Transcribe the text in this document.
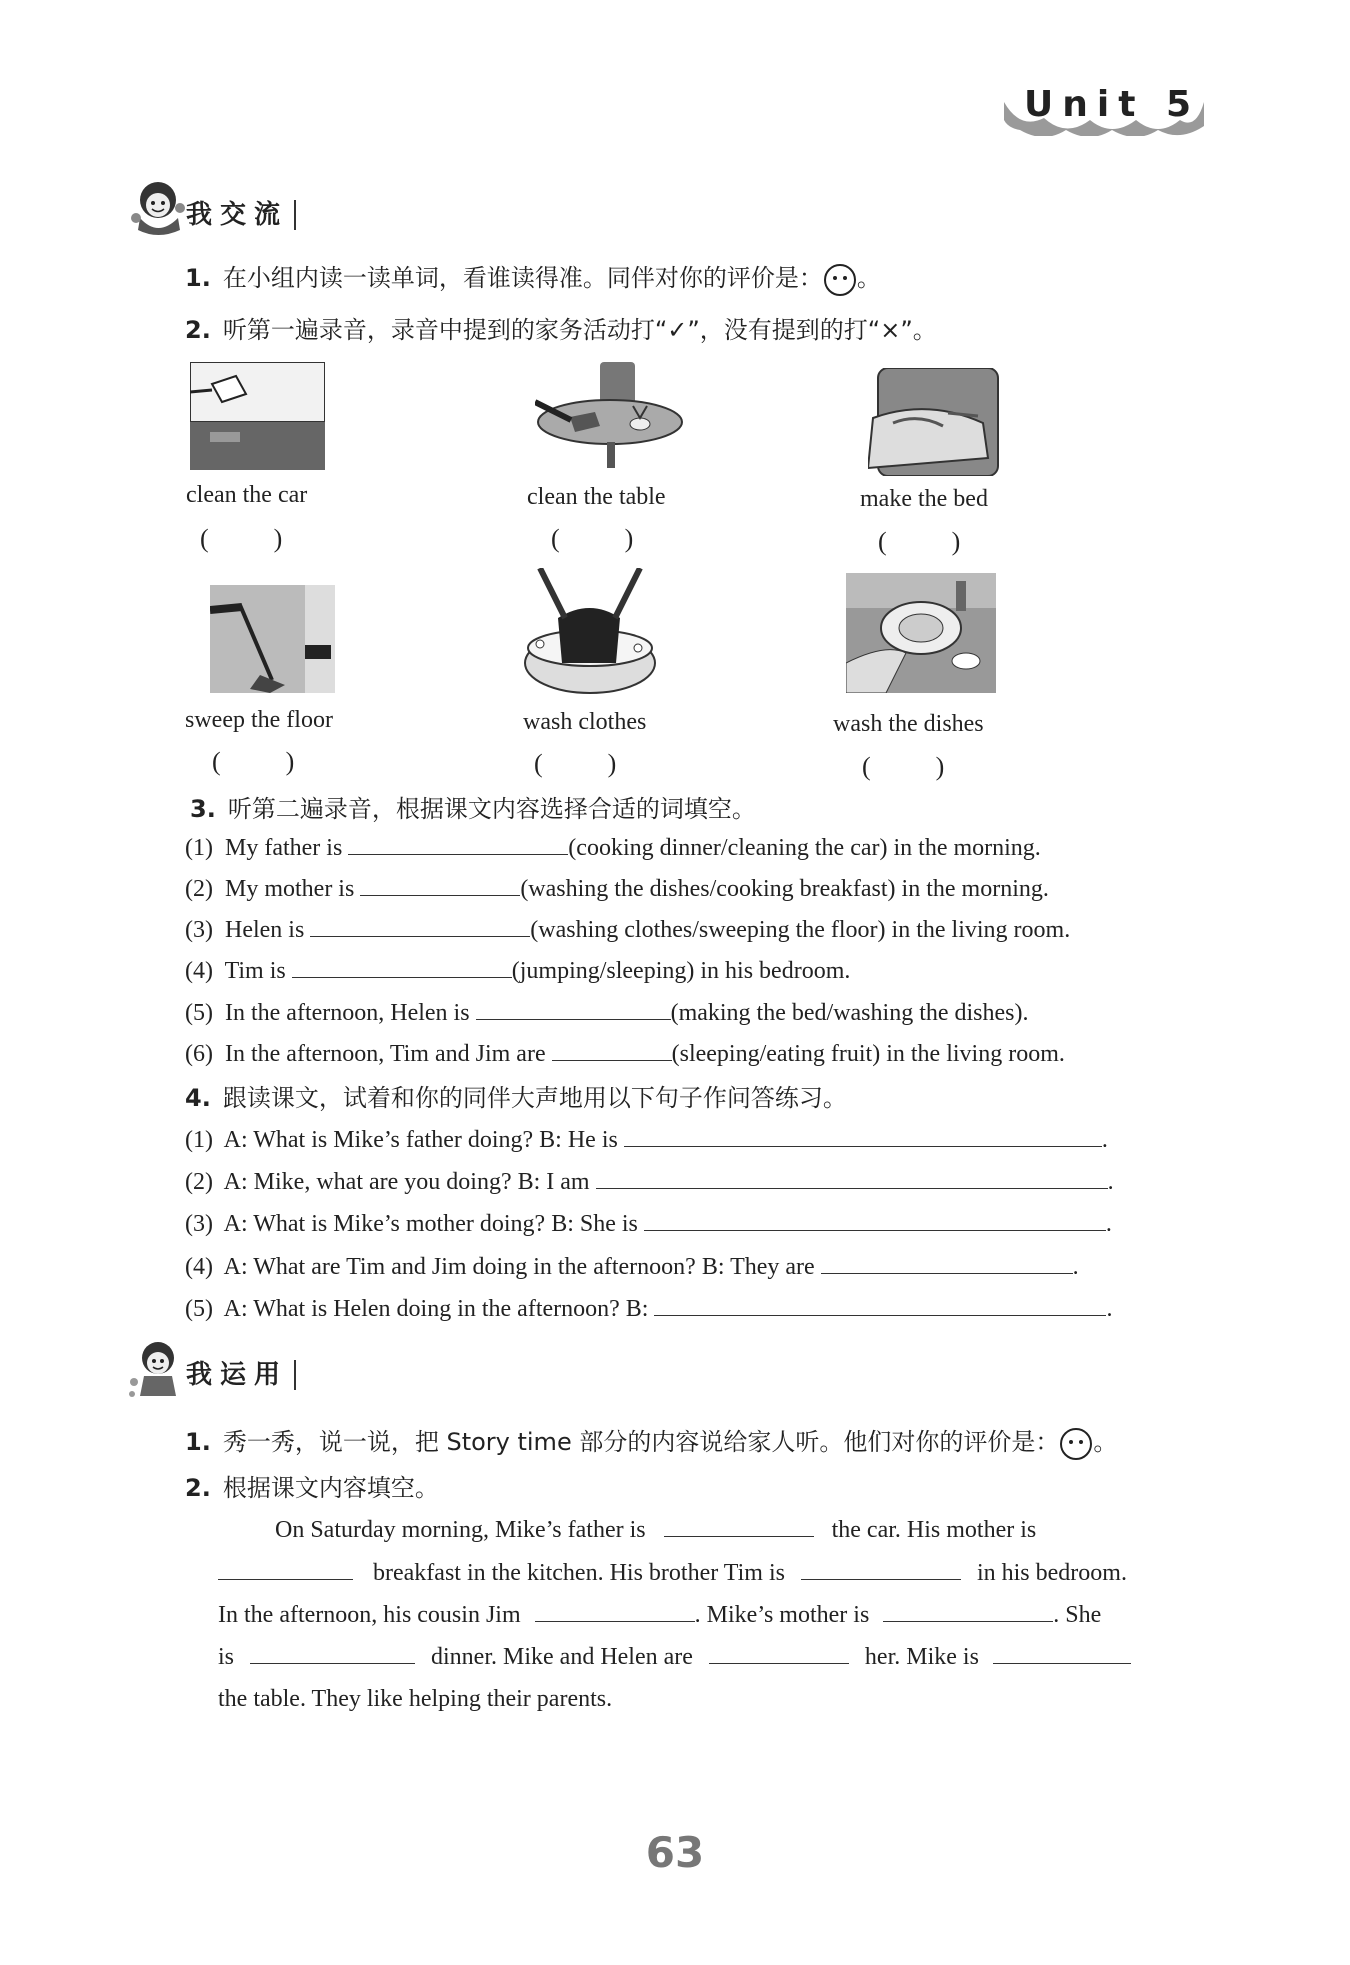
Unit 5
我交流
1. 在小组内读一读单词，看谁读得准。同伴对你的评价是： 。
2. 听第一遍录音，录音中提到的家务活动打“✓”，没有提到的打“×”。
clean the car	clean the table	make the bed
(          )	(          )	(          )
sweep the floor	wash clothes	wash the dishes
(          )	(          )	(          )
3. 听第二遍录音，根据课文内容选择合适的词填空。
(1) My father is	(cooking dinner/cleaning the car) in the morning.
(2) My mother is	(washing the dishes/cooking breakfast) in the morning.
(3) Helen is	(washing clothes/sweeping the floor) in the living room.
(4) Tim is	(jumping/sleeping) in his bedroom.
(5) In the afternoon, Helen is	(making the bed/washing the dishes).
(6) In the afternoon, Tim and Jim are	(sleeping/eating fruit) in the living room.
4. 跟读课文，试着和你的同伴大声地用以下句子作问答练习。
(1) A: What is Mike’s father doing? B: He is	.
(2) A: Mike, what are you doing? B: I am	.
(3) A: What is Mike’s mother doing? B: She is	.
(4) A: What are Tim and Jim doing in the afternoon? B: They are	.
(5) A: What is Helen doing in the afternoon? B:	.
我运用
1. 秀一秀，说一说，把 Story time 部分的内容说给家人听。他们对你的评价是： 。
2. 根据课文内容填空。
On Saturday morning, Mike’s father is	the car. His mother is
breakfast in the kitchen. His brother Tim is	in his bedroom.
In the afternoon, his cousin Jim	. Mike’s mother is	. She
is	dinner. Mike and Helen are	her. Mike is
the table. They like helping their parents.
63
